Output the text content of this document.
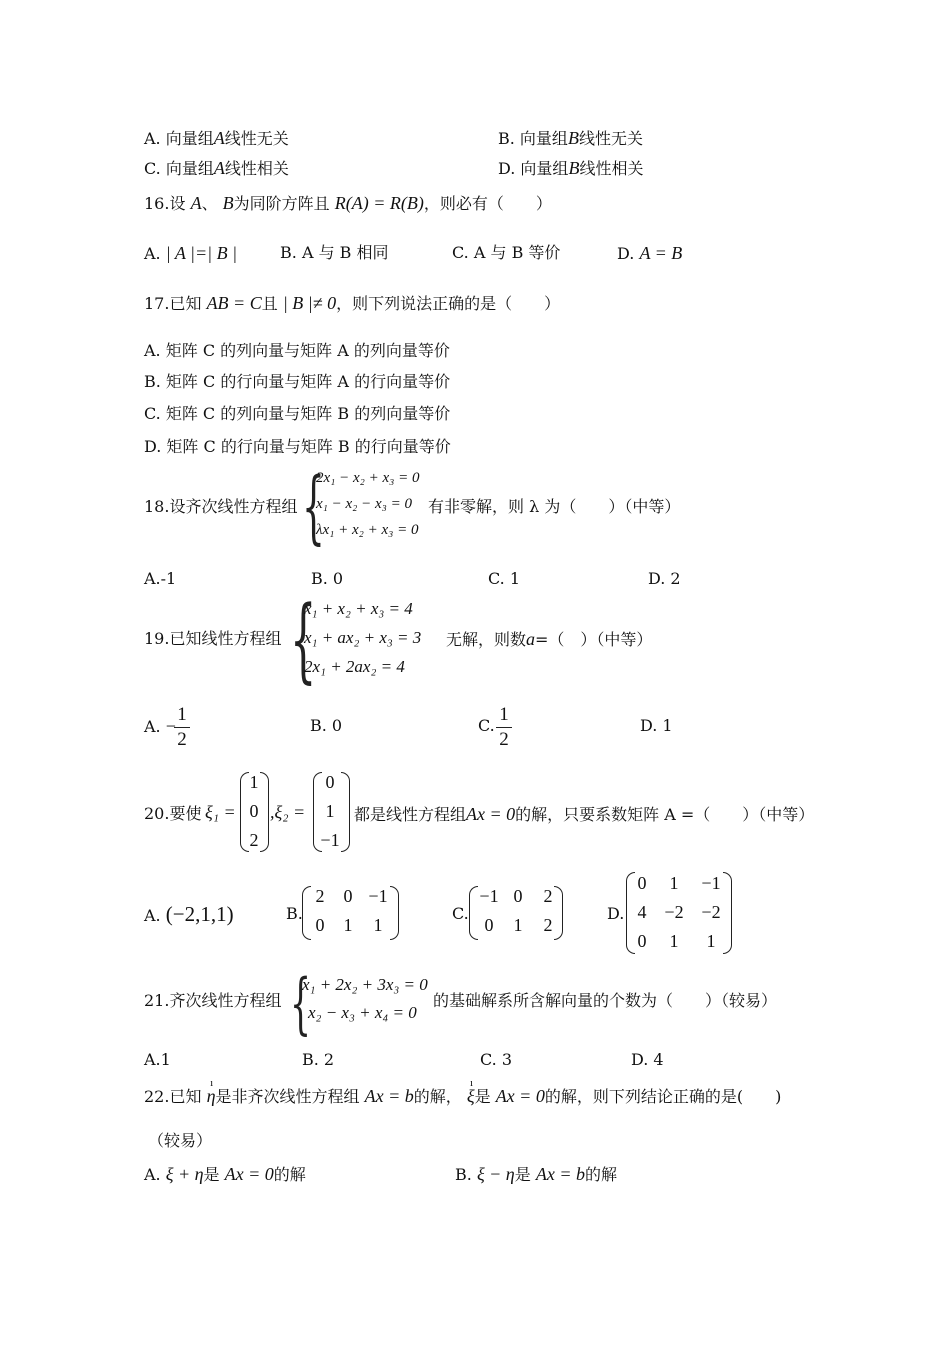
A. 向量组A线性无关	B. 向量组B线性无关
C. 向量组A线性相关	D. 向量组B线性相关
16.设 A、 B为同阶方阵且 R(A) = R(B)，则必有（　　）
A. | A |=| B |	B. A 与 B 相同	C. A 与 B 等价	D. A = B
17.已知 AB = C且 | B |≠ 0，则下列说法正确的是（　　）
A. 矩阵 C 的列向量与矩阵 A 的列向量等价
B. 矩阵 C 的行向量与矩阵 A 的行向量等价
C. 矩阵 C 的列向量与矩阵 B 的列向量等价
D. 矩阵 C 的行向量与矩阵 B 的行向量等价
18.设齐次线性方程组 {
2x₁ − x₂ + x₃ = 0
x₁ − x₂ − x₃ = 0
λx₁ + x₂ + x₃ = 0
有非零解，则 λ 为（　　）（中等）
A.-1	B. 0	C. 1	D. 2
19.已知线性方程组 {
x₁ + x₂ + x₃ = 4
x₁ + ax₂ + x₃ = 3
2x₁ + 2ax₂ = 4
无解，则数a=（　）（中等）
A. −
1
2
B. 0	C.
1
2
D. 1
20.要使 ξ₁ =
1
0
2
,ξ₂ =
0
1
−1
都是线性方程组Ax = 0的解，只要系数矩阵 A =（　　）（中等）
A. (−2,1,1)	B.
2	0 −1
0	1	1
C.
−1 0	2
0	1	2
D.
0	1	−1
4 −2 −2
0	1	1
21.齐次线性方程组 {
x₁ + 2x₂ + 3x₃ = 0
x₂ − x₃ + x₄ = 0
的基础解系所含解向量的个数为（　　）（较易）
A.1	B. 2	C. 3	D. 4
22.已知 ı η是非齐次线性方程组 Ax = b的解， ı ξ是 Ax = 0的解，则下列结论正确的是(　　)
（较易）
A. ξ + η是 Ax = 0的解	B. ξ − η是 Ax = b的解
